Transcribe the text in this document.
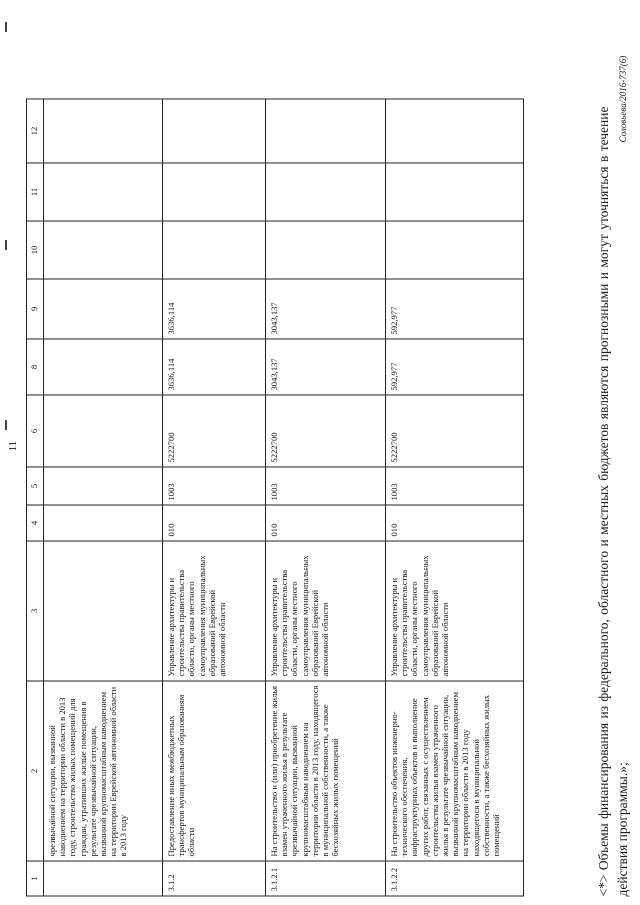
11
1	2	3	4	5	6	8	9	10	11	12
	чрезвычайной ситуации, вызванной наводнением на территории области в 2013 году, строительство жилых помещений для граждан, утративших жилые помещения в результате чрезвычайной ситуации, вызванной крупномасштабным наводнением на территории Еврейской автономной области в 2013 году									
3.1.2	Предоставление иных межбюджетных трансфертов муниципальным образованиям области	Управление архитектуры и строительства правительства области, органы местного самоуправления муниципальных образований Еврейской автономной области	010	1003	5222700	3636,114	3636,114			
3.1.2.1	На строительство и (или) приобретение жилья взамен утраченного жилья в результате чрезвычайной ситуации, вызванной крупномасштабным наводнением на территории области в 2013 году, находящегося в муниципальной собственности, а также бесхозяйных жилых помещений	Управление архитектуры и строительства правительства области, органы местного самоуправления муниципальных образований Еврейской автономной области	010	1003	5222700	3043,137	3043,137			
3.1.2.2	На строительство объектов инженерно-технического обеспечения, инфраструктурных объектов и выполнение других работ, связанных с осуществлением строительства жилья взамен утраченного жилья в результате чрезвычайной ситуации, вызванной крупномасштабным наводнением на территории области в 2013 году находящегося в муниципальной собственности, а также бесхозяйных жилых помещений	Управление архитектуры и строительства правительства области, органы местного самоуправления муниципальных образований Еврейской автономной области	010	1003	5222700	592,977	592,977				<*> Объемы финансирования из федерального, областного и местных бюджетов являются прогнозными и могут уточняться в течение действия программы.»;
Соловьева/2016-737(6)
